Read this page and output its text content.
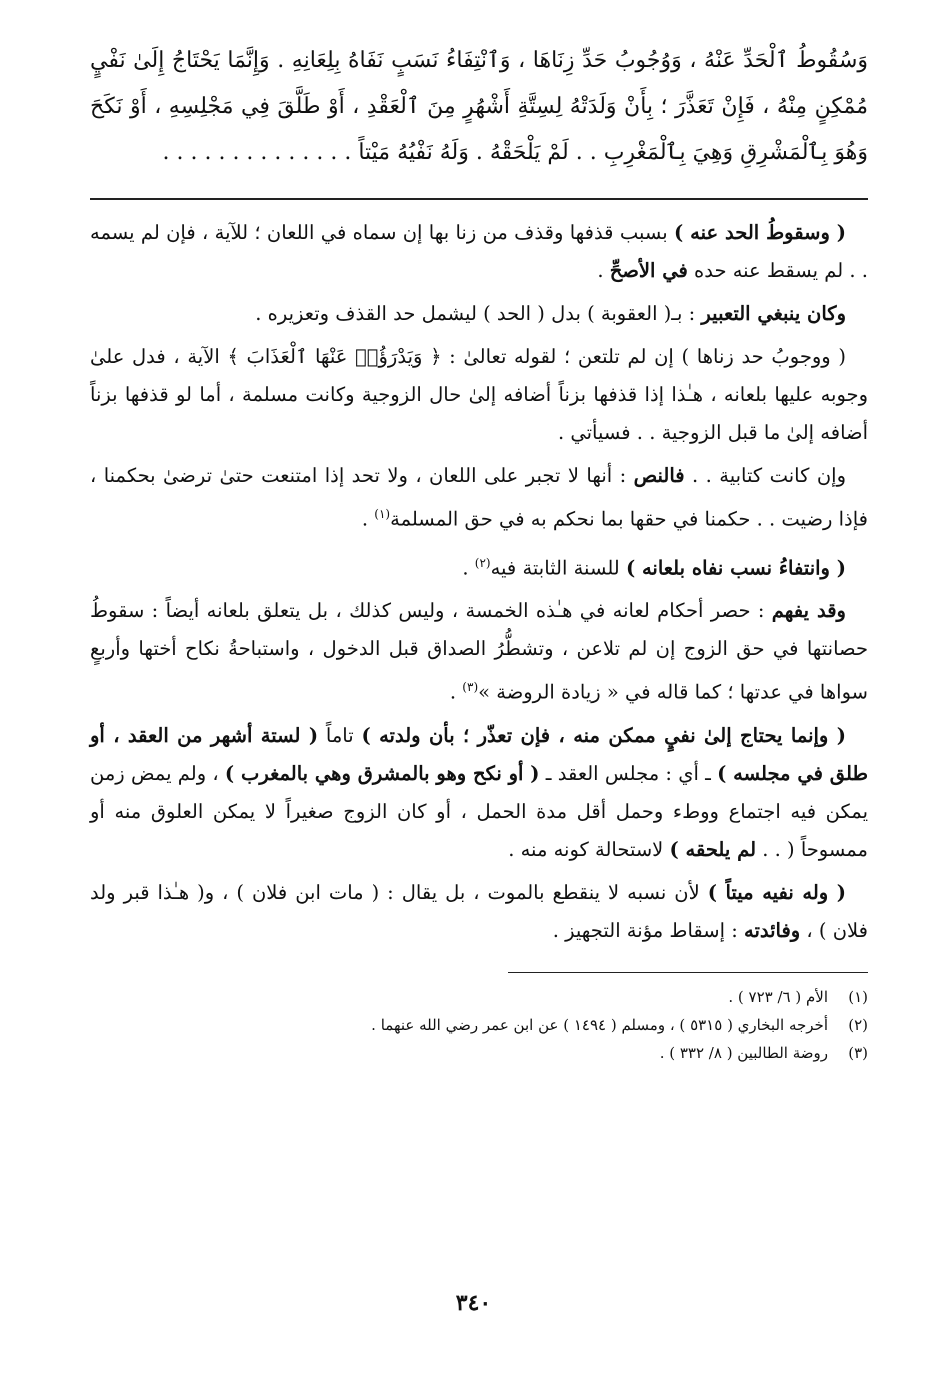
وَسُقُوطُ ٱلْحَدِّ عَنْهُ ، وَوُجُوبُ حَدِّ زِنَاهَا ، وَٱنْتِفَاءُ نَسَبٍ نَفَاهُ بِلِعَانِهِ . وَإِنَّمَا يَحْتَاجُ إِلَىٰ نَفْيٍ مُمْكِنٍ مِنْهُ ، فَإِنْ تَعَذَّرَ ؛ بِأَنْ وَلَدَتْهُ لِسِتَّةِ أَشْهُرٍ مِنَ ٱلْعَقْدِ ، أَوْ طَلَّقَ فِي مَجْلِسِهِ ، أَوْ نَكَحَ وَهُوَ بِٱلْمَشْرِقِ وَهِيَ بِٱلْمَغْرِبِ . . لَمْ يَلْحَقْهُ . وَلَهُ نَفْيُهُ مَيْتاً . . . . . . . . . . . . . .

( وسقوطُ الحد عنه ) بسبب قذفها وقذف من زنا بها إن سماه في اللعان ؛ للآية ، فإن لم يسمه . . لم يسقط عنه حده في الأصحِّ .

وكان ينبغي التعبير : بـ( العقوبة ) بدل ( الحد ) ليشمل حد القذف وتعزيره .

( ووجوبُ حد زناها ) إن لم تلتعن ؛ لقوله تعالىٰ : ﴿ وَيَدْرَؤُا۟ عَنْهَا ٱلْعَذَابَ ﴾ الآية ، فدل علىٰ وجوبه عليها بلعانه ، هـٰذا إذا قذفها بزناً أضافه إلىٰ حال الزوجية وكانت مسلمة ، أما لو قذفها بزناً أضافه إلىٰ ما قبل الزوجية . . فسيأتي .

وإن كانت كتابية . . فالنص : أنها لا تجبر على اللعان ، ولا تحد إذا امتنعت حتىٰ ترضىٰ بحكمنا ، فإذا رضيت . . حكمنا في حقها بما نحكم به في حق المسلمة$^{(١)}$ .

( وانتفاءُ نسب نفاه بلعانه ) للسنة الثابتة فيه$^{(٢)}$ .

وقد يفهم : حصر أحكام لعانه في هـٰذه الخمسة ، وليس كذلك ، بل يتعلق بلعانه أيضاً : سقوطُ حصانتها في حق الزوج إن لم تلاعن ، وتشطُّرُ الصداق قبل الدخول ، واستباحةُ نكاح أختها وأربعٍ سواها في عدتها ؛ كما قاله في « زيادة الروضة »$^{(٣)}$ .

( وإنما يحتاج إلىٰ نفيٍ ممكن منه ، فإن تعذّر ؛ بأن ولدته ) تاماً ( لستة أشهر من العقد ، أو طلق في مجلسه ) ـ أي : مجلس العقد ـ ( أو نكح وهو بالمشرق وهي بالمغرب ) ، ولم يمض زمن يمكن فيه اجتماع ووطء وحمل أقل مدة الحمل ، أو كان الزوج صغيراً لا يمكن العلوق منه أو ممسوحاً ( . . لم يلحقه ) لاستحالة كونه منه .

( وله نفيه ميتاً ) لأن نسبه لا ينقطع بالموت ، بل يقال : ( مات ابن فلان ) ، و( هـٰذا قبر ولد فلان ) ، وفائدته : إسقاط مؤنة التجهيز .

(١)
الأم ( ٦/ ٧٢٣ ) .
(٢)
أخرجه البخاري ( ٥٣١٥ ) ، ومسلم ( ١٤٩٤ ) عن ابن عمر رضي الله عنهما .
(٣)
روضة الطالبين ( ٨/ ٣٣٢ ) .
٣٤٠
